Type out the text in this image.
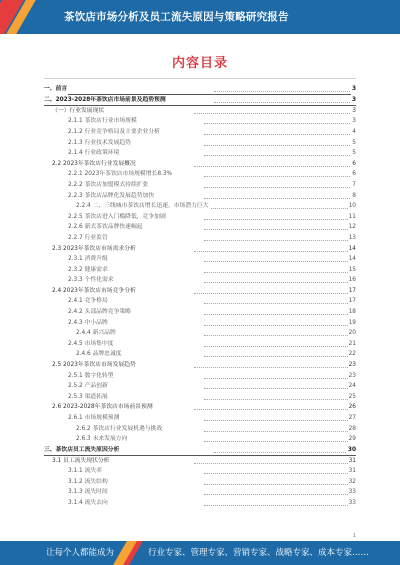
茶饮店市场分析及员工流失原因与策略研究报告
内容目录
一、前言	3
二、2023-2028年茶饮店市场前景及趋势预测	3
（一）行业发展现状	3
2.1.1 茶饮店行业市场规模	3
2.1.2 行业竞争格局及主要企业分析	4
2.1.3 行业技术发展趋势	5
2.1.4 行业政策环境	5
2.2 2023年茶饮店行业发展概况	6
2.2.1 2023年茶饮店市场规模增长8.3%	6
2.2.2 茶饮店加盟模式持续扩张	7
2.2.3 茶饮店品牌化发展趋势加快	8
2.2.4 二、三线城市茶饮店增长迅速，市场潜力巨大	10
2.2.5 茶饮店进入门槛降低，竞争加剧	11
2.2.6 新式茶饮品牌快速崛起	12
2.2.7 行业监管	13
2.3 2023年茶饮店市场需求分析	14
2.3.1 消费升级	14
2.3.2 健康需求	15
2.3.3 个性化需求	16
2.4 2023年茶饮店市场竞争分析	17
2.4.1 竞争格局	17
2.4.2 头部品牌竞争策略	18
2.4.3 中小品牌	19
2.4.4 新兴品牌	20
2.4.5 市场集中度	21
2.4.6 品牌忠诚度	22
2.5 2023年茶饮店市场发展趋势	23
2.5.1 数字化转型	23
2.5.2 产品创新	24
2.5.3 渠道拓展	25
2.6 2023-2028年茶饮店市场前景预测	26
2.6.1 市场规模预测	27
2.6.2 茶饮店行业发展机遇与挑战	28
2.6.3 未来发展方向	29
三、茶饮店员工流失原因分析	30
3.1 员工流失现状分析	31
3.1.1 流失率	31
3.1.2 流失结构	32
3.1.3 流失时间	33
3.1.4 流失去向	33
1
让每个人都能成为	行业专家、管理专家、营销专家、战略专家、成本专家……
